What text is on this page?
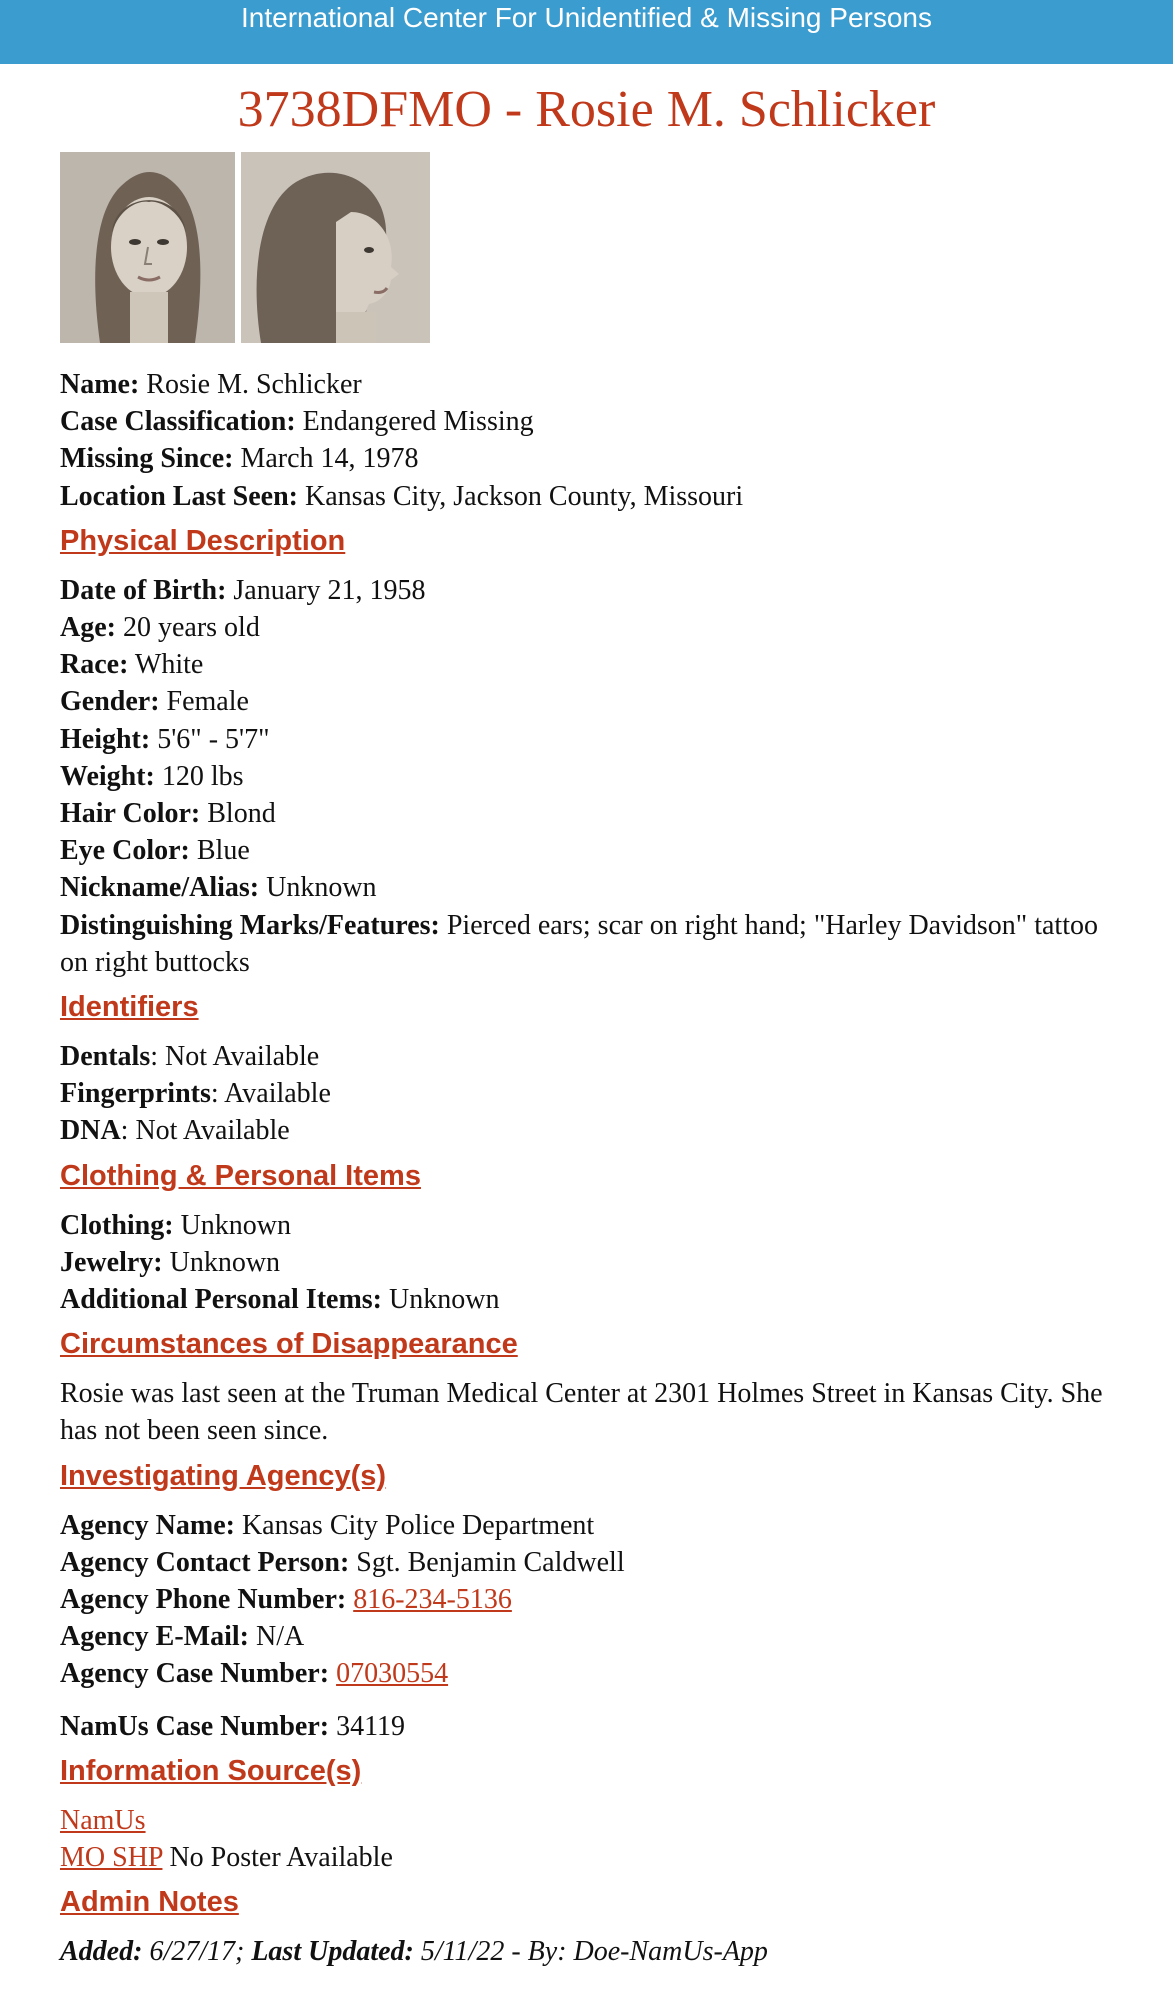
International Center For Unidentified & Missing Persons
3738DFMO - Rosie M. Schlicker

Name: Rosie M. Schlicker

Case Classification: Endangered Missing

Missing Since: March 14, 1978

Location Last Seen: Kansas City, Jackson County, Missouri

Physical Description

Date of Birth: January 21, 1958

Age: 20 years old

Race: White

Gender: Female

Height: 5'6" - 5'7"

Weight: 120 lbs

Hair Color: Blond

Eye Color: Blue

Nickname/Alias: Unknown

Distinguishing Marks/Features: Pierced ears; scar on right hand; "Harley Davidson" tattoo on right buttocks

Identifiers

Dentals: Not Available

Fingerprints: Available

DNA: Not Available

Clothing & Personal Items

Clothing: Unknown

Jewelry: Unknown

Additional Personal Items: Unknown

Circumstances of Disappearance

Rosie was last seen at the Truman Medical Center at 2301 Holmes Street in Kansas City. She has not been seen since.

Investigating Agency(s)

Agency Name: Kansas City Police Department

Agency Contact Person: Sgt. Benjamin Caldwell

Agency Phone Number: 816-234-5136

Agency E-Mail: N/A

Agency Case Number: 07030554

NamUs Case Number: 34119

Information Source(s)

NamUs

MO SHP No Poster Available

Admin Notes

Added: 6/27/17; Last Updated: 5/11/22 - By: Doe-NamUs-App
